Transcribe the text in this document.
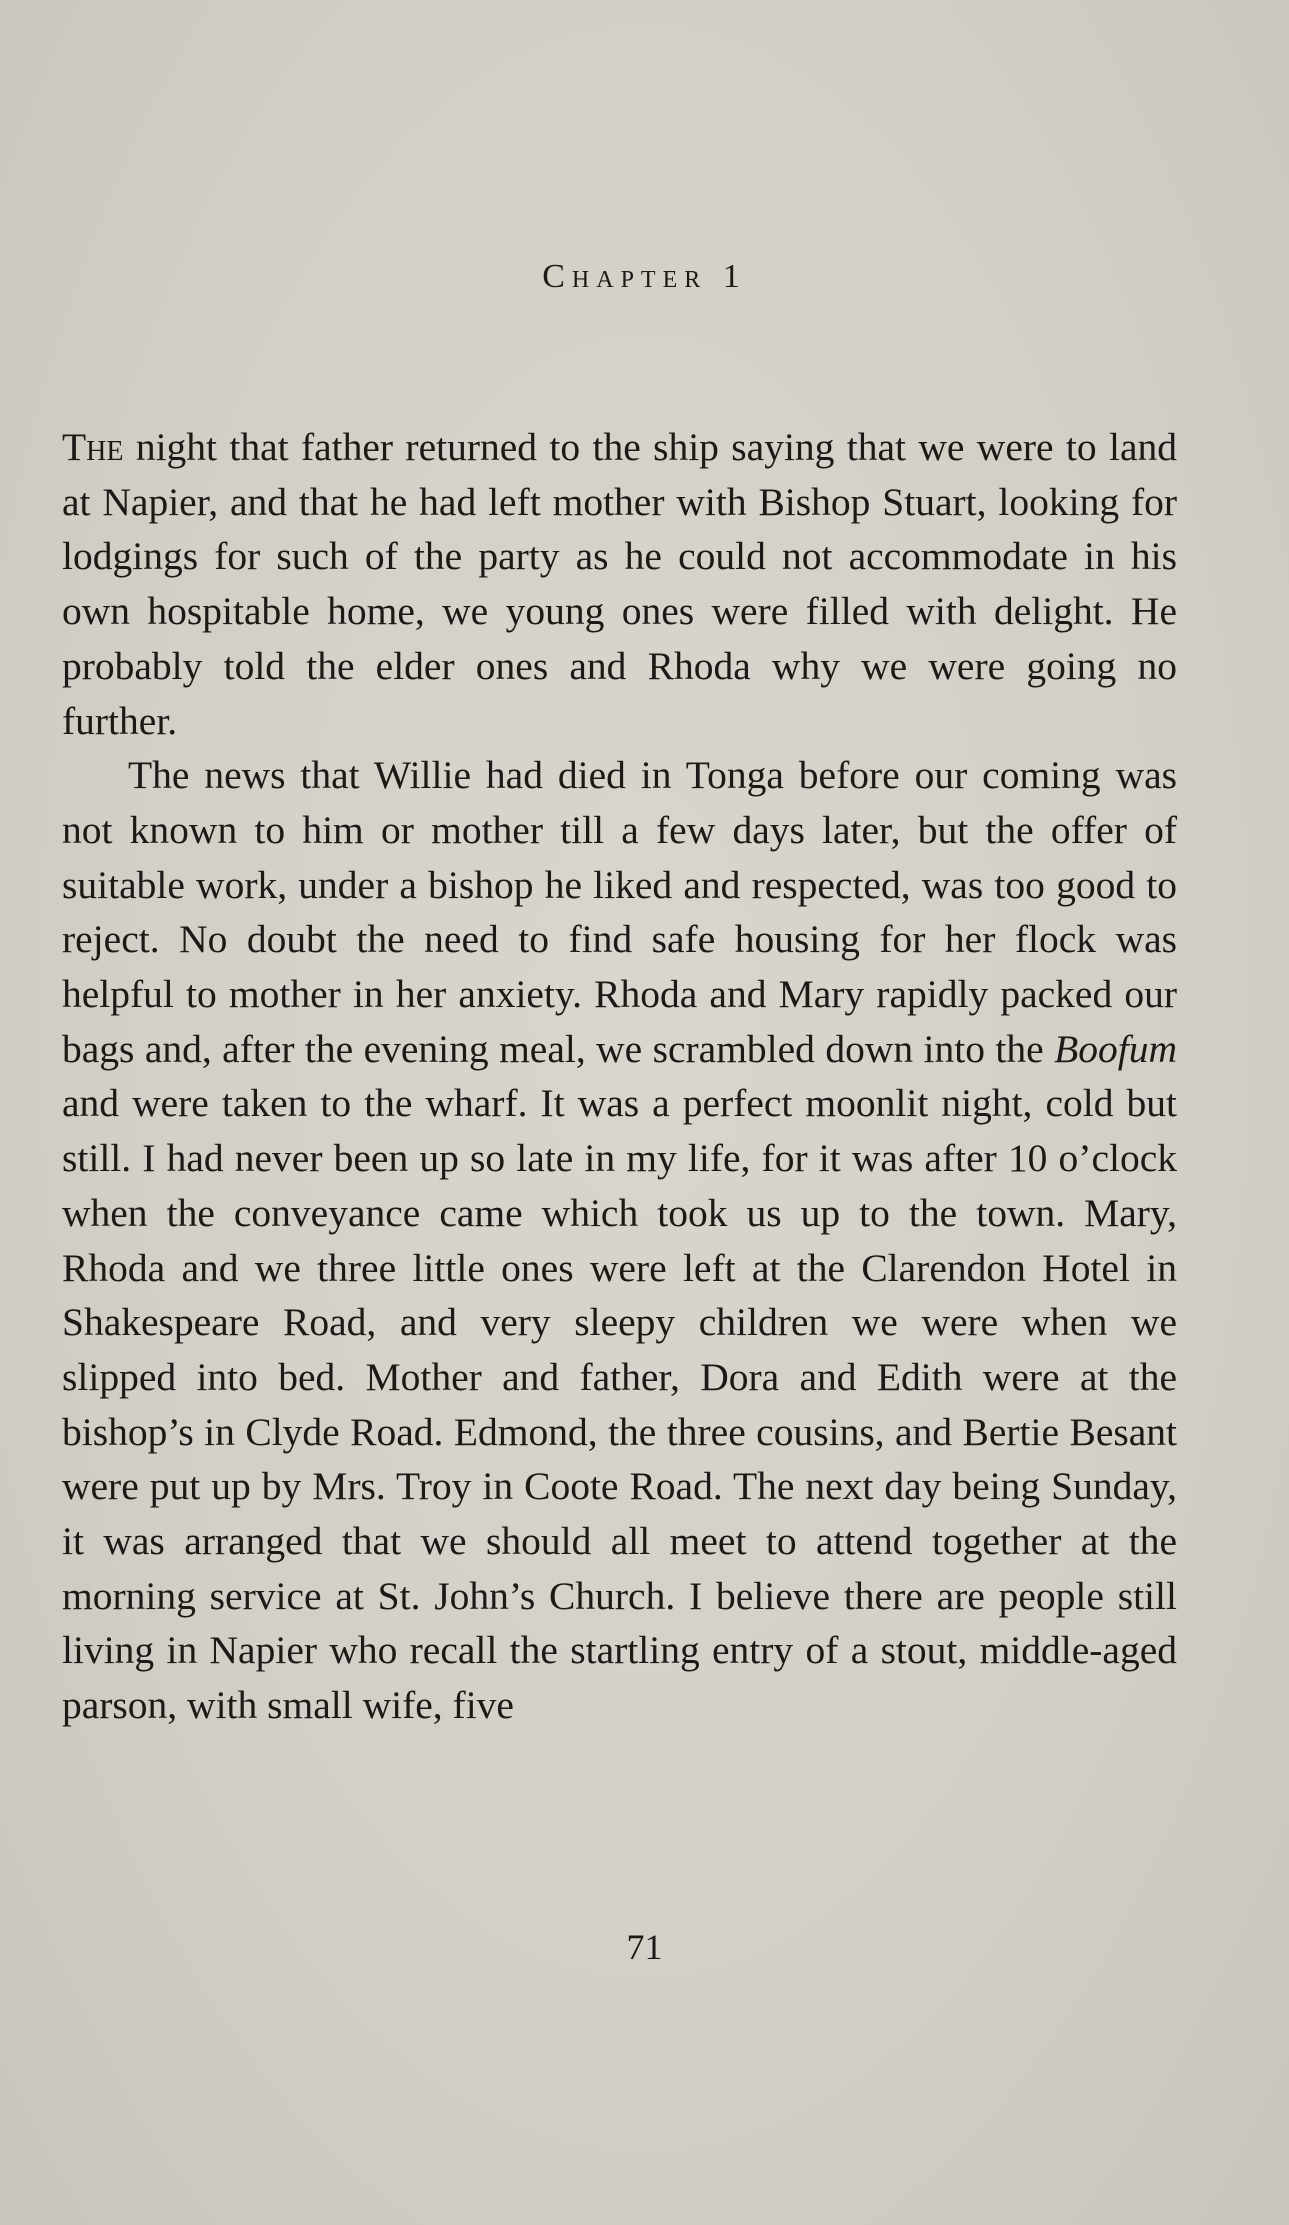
Chapter 1

The night that father returned to the ship saying that we were to land at Napier, and that he had left mother with Bishop Stuart, looking for lodgings for such of the party as he could not accommodate in his own hospitable home, we young ones were filled with delight. He probably told the elder ones and Rhoda why we were going no further.

The news that Willie had died in Tonga before our coming was not known to him or mother till a few days later, but the offer of suitable work, under a bishop he liked and respected, was too good to reject. No doubt the need to find safe housing for her flock was helpful to mother in her anxiety. Rhoda and Mary rapidly packed our bags and, after the evening meal, we scrambled down into the Boofum and were taken to the wharf. It was a perfect moonlit night, cold but still. I had never been up so late in my life, for it was after 10 o’clock when the conveyance came which took us up to the town. Mary, Rhoda and we three little ones were left at the Clarendon Hotel in Shakespeare Road, and very sleepy children we were when we slipped into bed. Mother and father, Dora and Edith were at the bishop’s in Clyde Road. Edmond, the three cousins, and Bertie Besant were put up by Mrs. Troy in Coote Road. The next day being Sunday, it was arranged that we should all meet to attend together at the morning service at St. John’s Church. I believe there are people still living in Napier who recall the startling entry of a stout, middle-aged parson, with small wife, five

71
